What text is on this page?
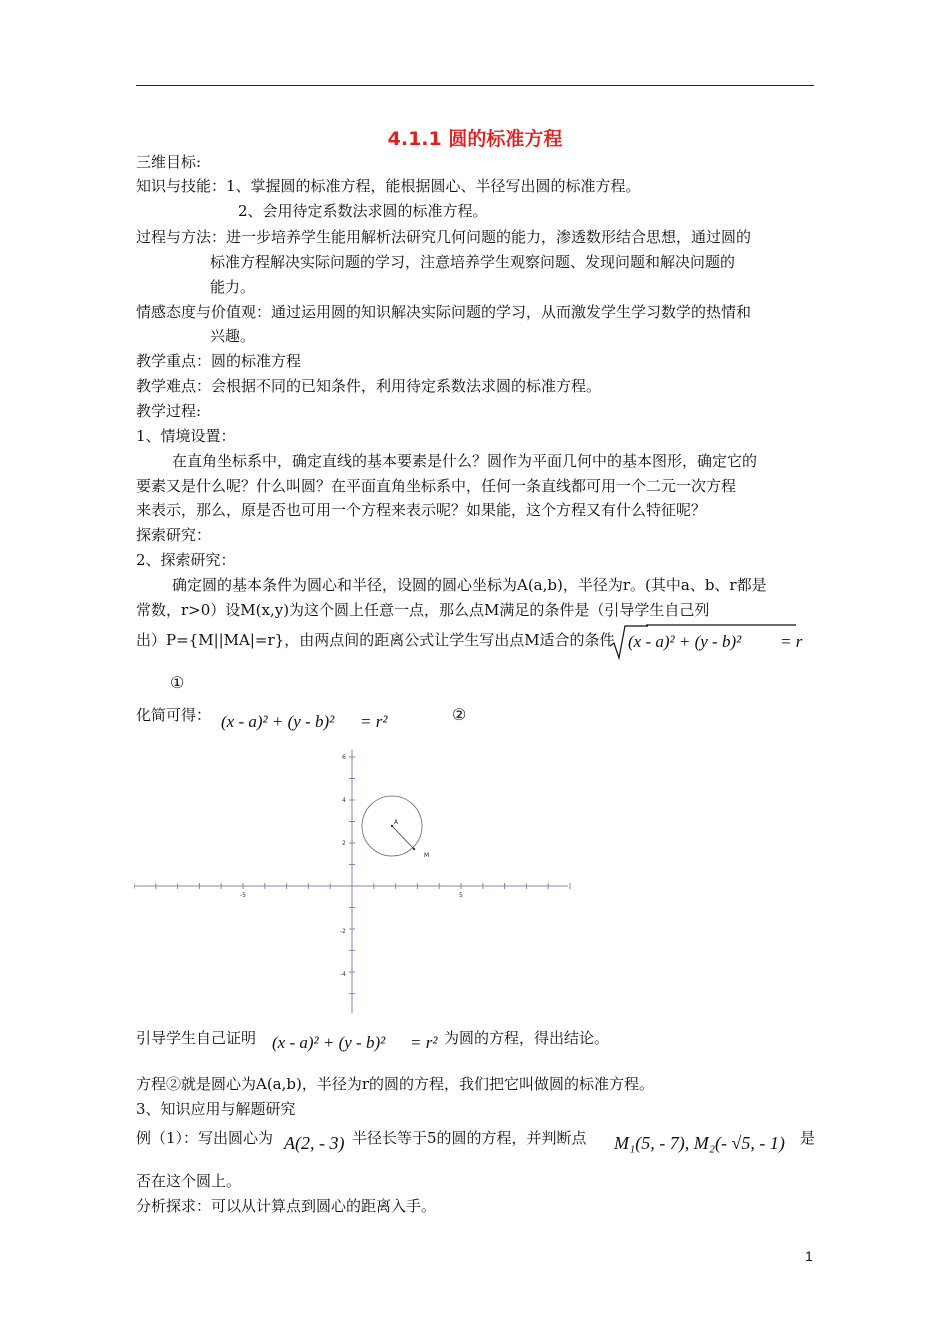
4.1.1 圆的标准方程
三维目标:
知识与技能：1、掌握圆的标准方程，能根据圆心、半径写出圆的标准方程。
2、会用待定系数法求圆的标准方程。
过程与方法：进一步培养学生能用解析法研究几何问题的能力，渗透数形结合思想，通过圆的
标准方程解决实际问题的学习，注意培养学生观察问题、发现问题和解决问题的
能力。
情感态度与价值观：通过运用圆的知识解决实际问题的学习，从而激发学生学习数学的热情和
兴趣。
教学重点：圆的标准方程
教学难点：会根据不同的已知条件，利用待定系数法求圆的标准方程。
教学过程:
1、情境设置：
在直角坐标系中，确定直线的基本要素是什么？圆作为平面几何中的基本图形，确定它的
要素又是什么呢？什么叫圆？在平面直角坐标系中，任何一条直线都可用一个二元一次方程
来表示，那么，原是否也可用一个方程来表示呢？如果能，这个方程又有什么特征呢？
探索研究：
2、探索研究：
确定圆的基本条件为圆心和半径，设圆的圆心坐标为A(a,b)，半径为r。(其中a、b、r都是
常数，r>0）设M(x,y)为这个圆上任意一点，那么点M满足的条件是（引导学生自己列
出）P={M||MA|=r}，由两点间的距离公式让学生写出点M适合的条件 (x - a)² + (y - b)² = r
①
化简可得： (x - a)² + (y - b)² = r²	②
-5	5
6
4
2
-2
-4
A
M
引导学生自己证明 (x - a)² + (y - b)² = r² 为圆的方程，得出结论。
方程②就是圆心为A(a,b)，半径为r的圆的方程，我们把它叫做圆的标准方程。
3、知识应用与解题研究
例（1）：写出圆心为 A(2, - 3) 半径长等于5的圆的方程，并判断点 M₁(5, - 7), M₂(- √5, - 1) 是
否在这个圆上。
分析探求：可以从计算点到圆心的距离入手。
1
